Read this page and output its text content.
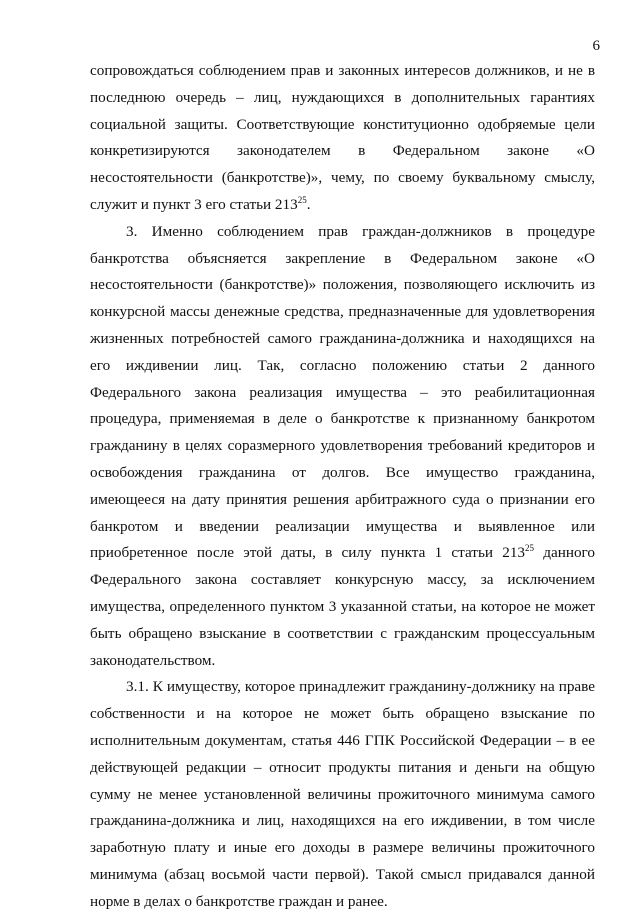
6

сопровождаться соблюдением прав и законных интересов должников, и не в последнюю очередь – лиц, нуждающихся в дополнительных гарантиях социальной защиты. Соответствующие конституционно одобряемые цели конкретизируются законодателем в Федеральном законе «О несостоятельности (банкротстве)», чему, по своему буквальному смыслу, служит и пункт 3 его статьи $213^{25}$.

3. Именно соблюдением прав граждан-должников в процедуре банкротства объясняется закрепление в Федеральном законе «О несостоятельности (банкротстве)» положения, позволяющего исключить из конкурсной массы денежные средства, предназначенные для удовлетворения жизненных потребностей самого гражданина-должника и находящихся на его иждивении лиц. Так, согласно положению статьи 2 данного Федерального закона реализация имущества – это реабилитационная процедура, применяемая в деле о банкротстве к признанному банкротом гражданину в целях соразмерного удовлетворения требований кредиторов и освобождения гражданина от долгов. Все имущество гражданина, имеющееся на дату принятия решения арбитражного суда о признании его банкротом и введении реализации имущества и выявленное или приобретенное после этой даты, в силу пункта 1 статьи $213^{25}$ данного Федерального закона составляет конкурсную массу, за исключением имущества, определенного пунктом 3 указанной статьи, на которое не может быть обращено взыскание в соответствии с гражданским процессуальным законодательством.

3.1. К имуществу, которое принадлежит гражданину-должнику на праве собственности и на которое не может быть обращено взыскание по исполнительным документам, статья 446 ГПК Российской Федерации – в ее действующей редакции – относит продукты питания и деньги на общую сумму не менее установленной величины прожиточного минимума самого гражданина-должника и лиц, находящихся на его иждивении, в том числе заработную плату и иные его доходы в размере величины прожиточного минимума (абзац восьмой части первой). Такой смысл придавался данной норме в делах о банкротстве граждан и ранее.
